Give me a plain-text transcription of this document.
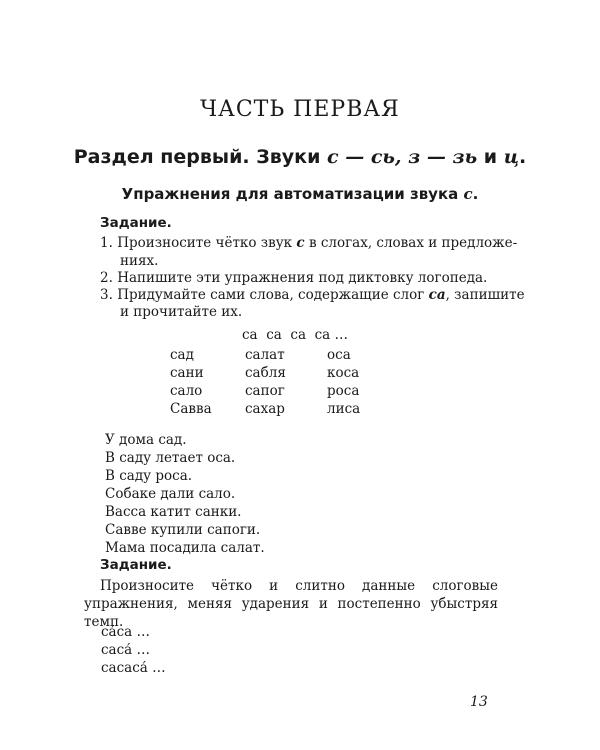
ЧАСТЬ ПЕРВАЯ
Раздел первый. Звуки с — сь, з — зь и ц.
Упражнения для автоматизации звука с.
Задание.
1. Произносите чётко звук с в слогах, словах и предложе-
ниях.
2. Напишите эти упражнения под диктовку логопеда.
3. Придумайте сами слова, содержащие слог са, запишите
и прочитайте их.
са  са  са  са …
сад
сани
сало
Савва
салат
сабля
сапог
сахар
оса
коса
роса
лиса
У дома сад.
В саду летает оса.
В саду роса.
Собаке дали сало.
Васса катит санки.
Савве купили сапоги.
Мама посадила салат.
Задание.
Произносите чётко и слитно данные слоговые упражнения, меняя ударения и постепенно убыстряя темп.
са́са …
саса́ …
сасаса́ …
13
